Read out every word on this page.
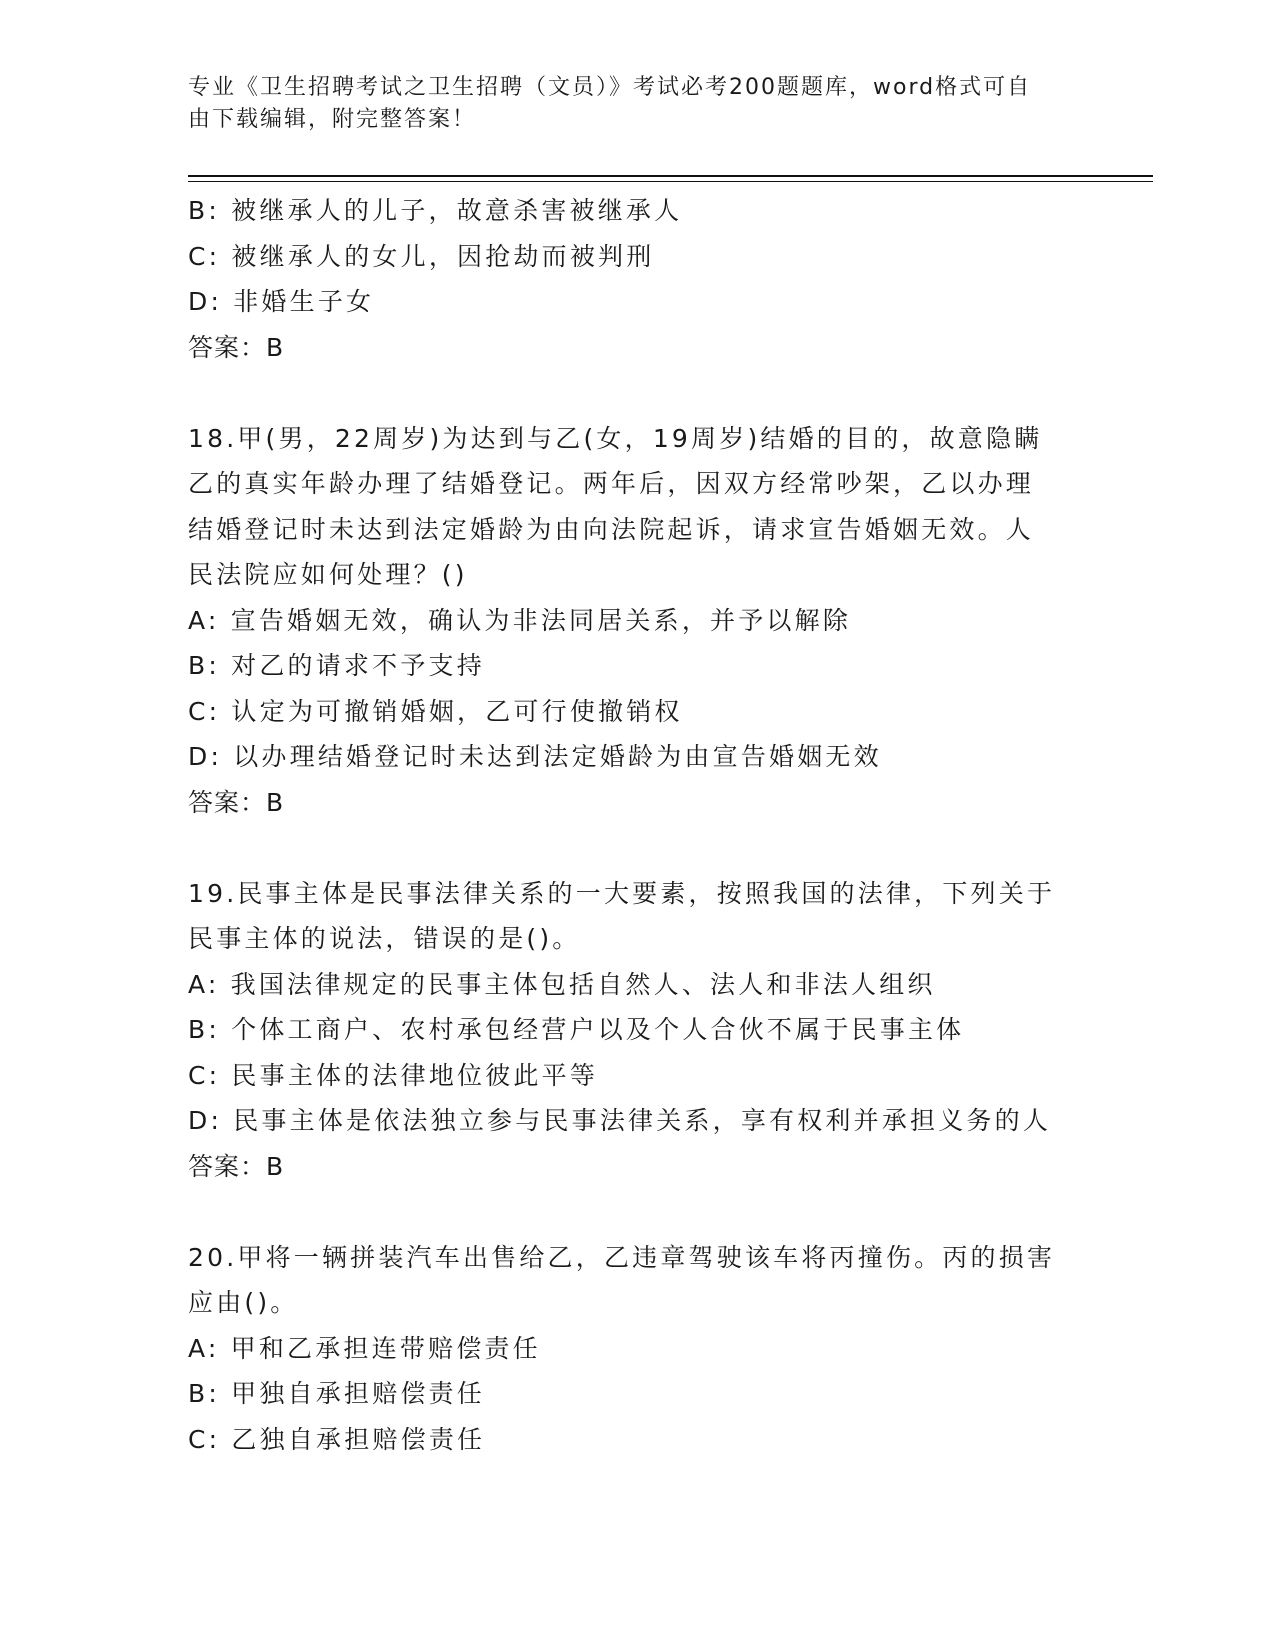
专业《卫生招聘考试之卫生招聘（文员）》考试必考200题题库，word格式可自
由下载编辑，附完整答案！
B: 被继承人的儿子，故意杀害被继承人
C: 被继承人的女儿，因抢劫而被判刑
D: 非婚生子女
答案：B
18.甲(男，22周岁)为达到与乙(女，19周岁)结婚的目的，故意隐瞒
乙的真实年龄办理了结婚登记。两年后，因双方经常吵架，乙以办理
结婚登记时未达到法定婚龄为由向法院起诉，请求宣告婚姻无效。人
民法院应如何处理？()
A: 宣告婚姻无效，确认为非法同居关系，并予以解除
B: 对乙的请求不予支持
C: 认定为可撤销婚姻，乙可行使撤销权
D: 以办理结婚登记时未达到法定婚龄为由宣告婚姻无效
答案：B
19.民事主体是民事法律关系的一大要素，按照我国的法律，下列关于
民事主体的说法，错误的是()。
A: 我国法律规定的民事主体包括自然人、法人和非法人组织
B: 个体工商户、农村承包经营户以及个人合伙不属于民事主体
C: 民事主体的法律地位彼此平等
D: 民事主体是依法独立参与民事法律关系，享有权利并承担义务的人
答案：B
20.甲将一辆拼装汽车出售给乙，乙违章驾驶该车将丙撞伤。丙的损害
应由()。
A: 甲和乙承担连带赔偿责任
B: 甲独自承担赔偿责任
C: 乙独自承担赔偿责任
